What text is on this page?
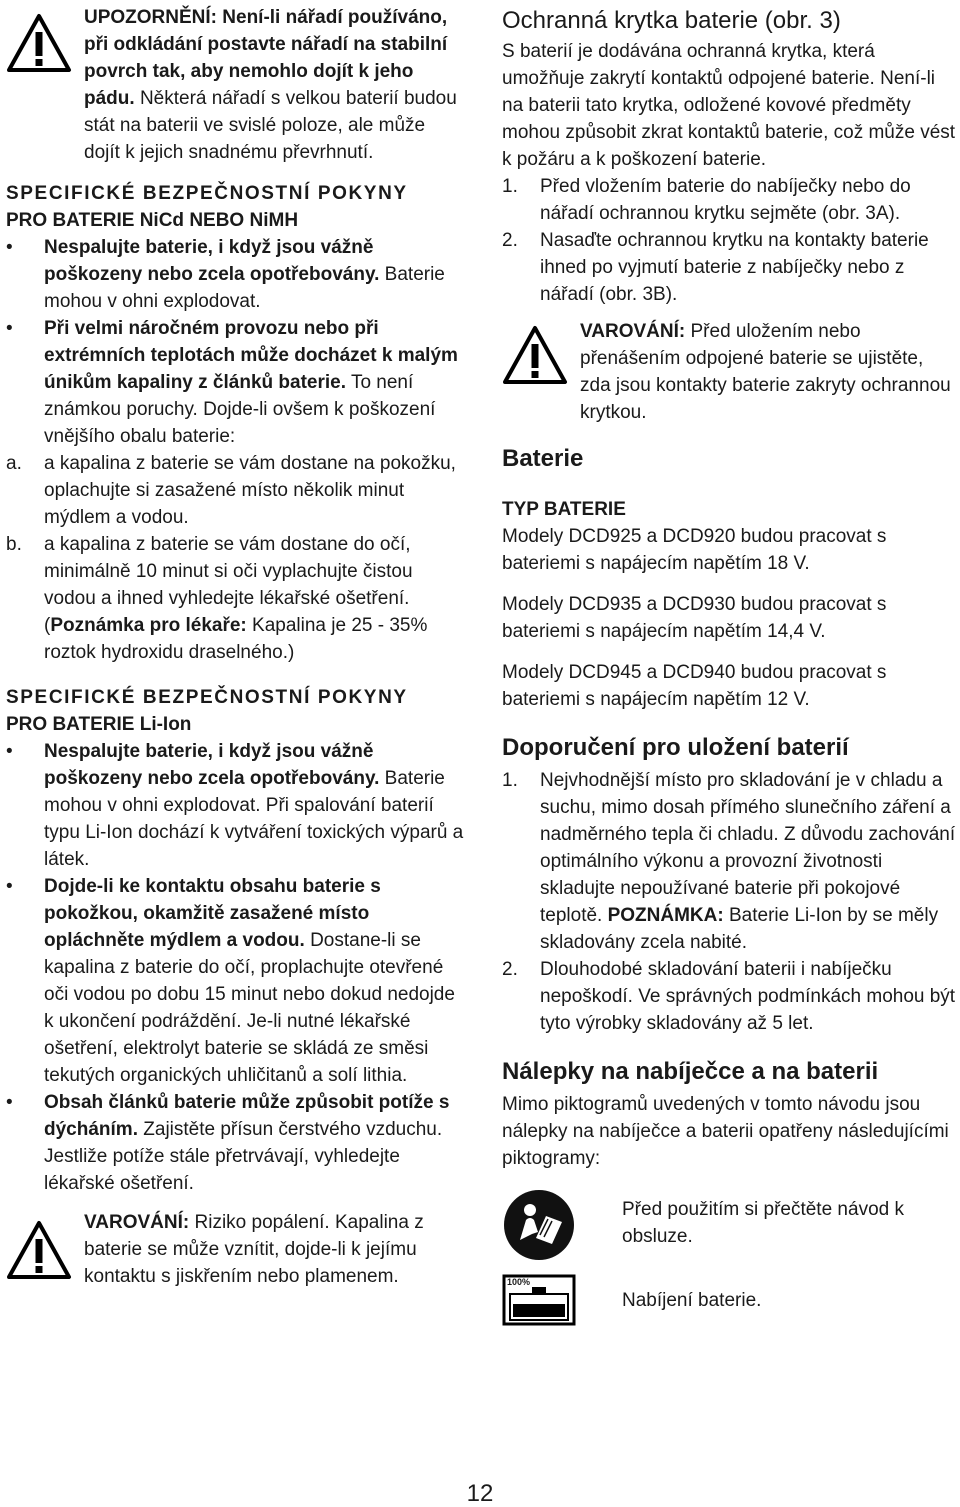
UPOZORNĚNÍ: Není-li nářadí používáno, při odkládání postavte nářadí na stabilní povrch tak, aby nemohlo dojít k jeho pádu. Některá nářadí s velkou baterií budou stát na baterii ve svislé poloze, ale může dojít k jejich snadnému převrhnutí.

SPECIFICKÉ BEZPEČNOSTNÍ POKYNY

PRO BATERIE NiCd NEBO NiMH

•	Nespalujte baterie, i když jsou vážně poškozeny nebo zcela opotřebovány. Baterie mohou v ohni explodovat.

•	Při velmi náročném provozu nebo při extrémních teplotách může docházet k malým únikům kapaliny z článků baterie. To není známkou poruchy. Dojde-li ovšem k poškození vnějšího obalu baterie:

a.	a kapalina z baterie se vám dostane na pokožku, oplachujte si zasažené místo několik minut mýdlem a vodou.

b.	a kapalina z baterie se vám dostane do očí, minimálně 10 minut si oči vyplachujte čistou vodou a ihned vyhledejte lékařské ošetření. (Poznámka pro lékaře: Kapalina je 25 - 35% roztok hydroxidu draselného.)

SPECIFICKÉ BEZPEČNOSTNÍ POKYNY

PRO BATERIE Li-Ion

•	Nespalujte baterie, i když jsou vážně poškozeny nebo zcela opotřebovány. Baterie mohou v ohni explodovat. Při spalování baterií typu Li-Ion dochází k vytváření toxických výparů a látek.

•	Dojde-li ke kontaktu obsahu baterie s pokožkou, okamžitě zasažené místo opláchněte mýdlem a vodou. Dostane-li se kapalina z baterie do očí, proplachujte otevřené oči vodou po dobu 15 minut nebo dokud nedojde k ukončení podráždění. Je-li nutné lékařské ošetření, elektrolyt baterie se skládá ze směsi tekutých organických uhličitanů a solí lithia.

•	Obsah článků baterie může způsobit potíže s dýcháním. Zajistěte přísun čerstvého vzduchu. Jestliže potíže stále přetrvávají, vyhledejte lékařské ošetření.

VAROVÁNÍ: Riziko popálení. Kapalina z baterie se může vznítit, dojde-li k jejímu kontaktu s jiskřením nebo plamenem.

Ochranná krytka baterie (obr. 3)

S baterií je dodávána ochranná krytka, která umožňuje zakrytí kontaktů odpojené baterie. Není-li na baterii tato krytka, odložené kovové předměty mohou způsobit zkrat kontaktů baterie, což může vést k požáru a k poškození baterie.

1.	Před vložením baterie do nabíječky nebo do nářadí ochrannou krytku sejměte (obr. 3A).

2.	Nasaďte ochrannou krytku na kontakty baterie ihned po vyjmutí baterie z nabíječky nebo z nářadí (obr. 3B).

VAROVÁNÍ: Před uložením nebo přenášením odpojené baterie se ujistěte, zda jsou kontakty baterie zakryty ochrannou krytkou.

Baterie

TYP BATERIE

Modely DCD925 a DCD920 budou pracovat s bateriemi s napájecím napětím 18 V.

Modely DCD935 a DCD930 budou pracovat s bateriemi s napájecím napětím 14,4 V.

Modely DCD945 a DCD940 budou pracovat s bateriemi s napájecím napětím 12 V.

Doporučení pro uložení baterií
1.	Nejvhodnější místo pro skladování je v chladu a suchu, mimo dosah přímého slunečního záření a nadměrného tepla či chladu. Z důvodu zachování optimálního výkonu a provozní životnosti skladujte nepoužívané baterie při pokojové teplotě. POZNÁMKA: Baterie Li-Ion by se měly skladovány zcela nabité.

2.	Dlouhodobé skladování baterii i nabíječku nepoškodí. Ve správných podmínkách mohou být tyto výrobky skladovány až 5 let.

Nálepky na nabíječce a na baterii

Mimo piktogramů uvedených v tomto návodu jsou nálepky na nabíječce a baterii opatřeny následujícími piktogramy:

Před použitím si přečtěte návod k obsluze.

100%

Nabíjení baterie.

12
